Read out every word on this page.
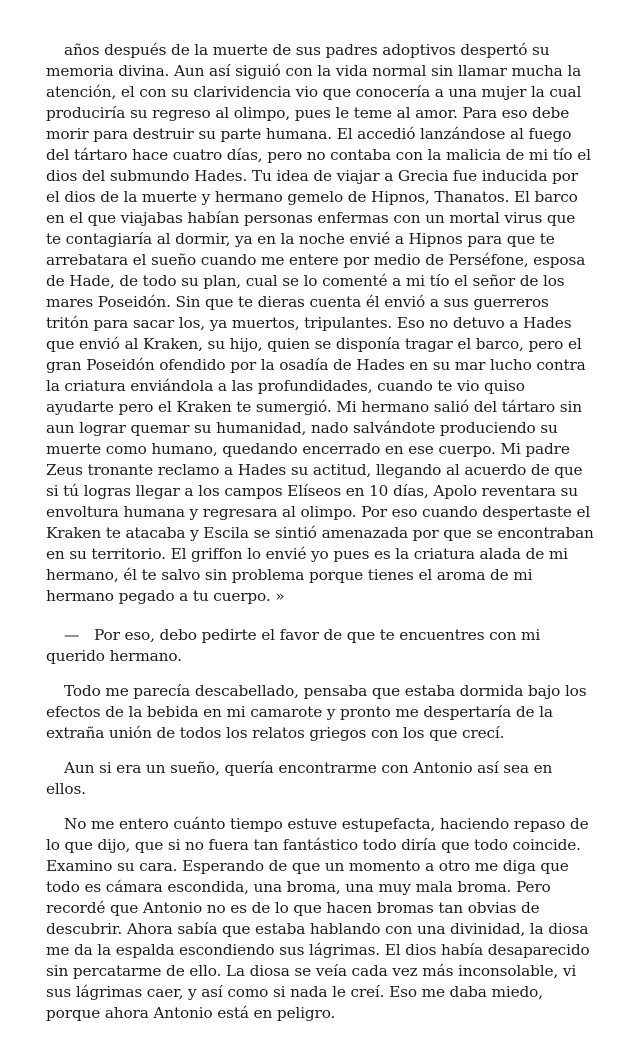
años después de la muerte de sus padres adoptivos despertó su memoria divina. Aun así siguió con la vida normal sin llamar mucha la atención, el con su clarividencia vio que conocería a una mujer la cual produciría su regreso al olimpo, pues le teme al amor. Para eso debe morir para destruir su parte humana. El accedió lanzándose al fuego del tártaro hace cuatro días, pero no contaba con la malicia de mi tío el dios del submundo Hades. Tu idea de viajar a Grecia fue inducida por el dios de la muerte y hermano gemelo de Hipnos, Thanatos. El barco en el que viajabas habían personas enfermas con un mortal virus que te contagiaría al dormir, ya en la noche envié a Hipnos para que te arrebatara el sueño cuando me entere por medio de Perséfone, esposa de Hade, de todo su plan, cual se lo comenté a mi tío el señor de los mares Poseidón. Sin que te dieras cuenta él envió a sus guerreros tritón para sacar los, ya muertos, tripulantes. Eso no detuvo a Hades que envió al Kraken, su hijo, quien se disponía tragar el barco, pero el gran Poseidón ofendido por la osadía de Hades en su mar lucho contra la criatura enviándola a las profundidades, cuando te vio quiso ayudarte pero el Kraken te sumergió. Mi hermano salió del tártaro sin aun lograr quemar su humanidad, nado salvándote produciendo su muerte como humano, quedando encerrado en ese cuerpo. Mi padre Zeus tronante reclamo a Hades su actitud, llegando al acuerdo de que si tú logras llegar a los campos Elíseos en 10 días, Apolo reventara su envoltura humana y regresara al olimpo. Por eso cuando despertaste el Kraken te atacaba y Escila se sintió amenazada por que se encontraban en su territorio. El griffon lo envié yo pues es la criatura alada de mi hermano, él te salvo sin problema porque tienes el aroma de mi hermano pegado a tu cuerpo. »

— Por eso, debo pedirte el favor de que te encuentres con mi querido hermano.

Todo me parecía descabellado, pensaba que estaba dormida bajo los efectos de la bebida en mi camarote y pronto me despertaría de la extraña unión de todos los relatos griegos con los que crecí.

Aun si era un sueño, quería encontrarme con Antonio así sea en ellos.

No me entero cuánto tiempo estuve estupefacta, haciendo repaso de lo que dijo, que si no fuera tan fantástico todo diría que todo coincide. Examino su cara. Esperando de que un momento a otro me diga que todo es cámara escondida, una broma, una muy mala broma. Pero recordé que Antonio no es de lo que hacen bromas tan obvias de descubrir. Ahora sabía que estaba hablando con una divinidad, la diosa me da la espalda escondiendo sus lágrimas. El dios había desaparecido sin percatarme de ello. La diosa se veía cada vez más inconsolable, vi sus lágrimas caer, y así como si nada le creí. Eso me daba miedo, porque ahora Antonio está en peligro.
